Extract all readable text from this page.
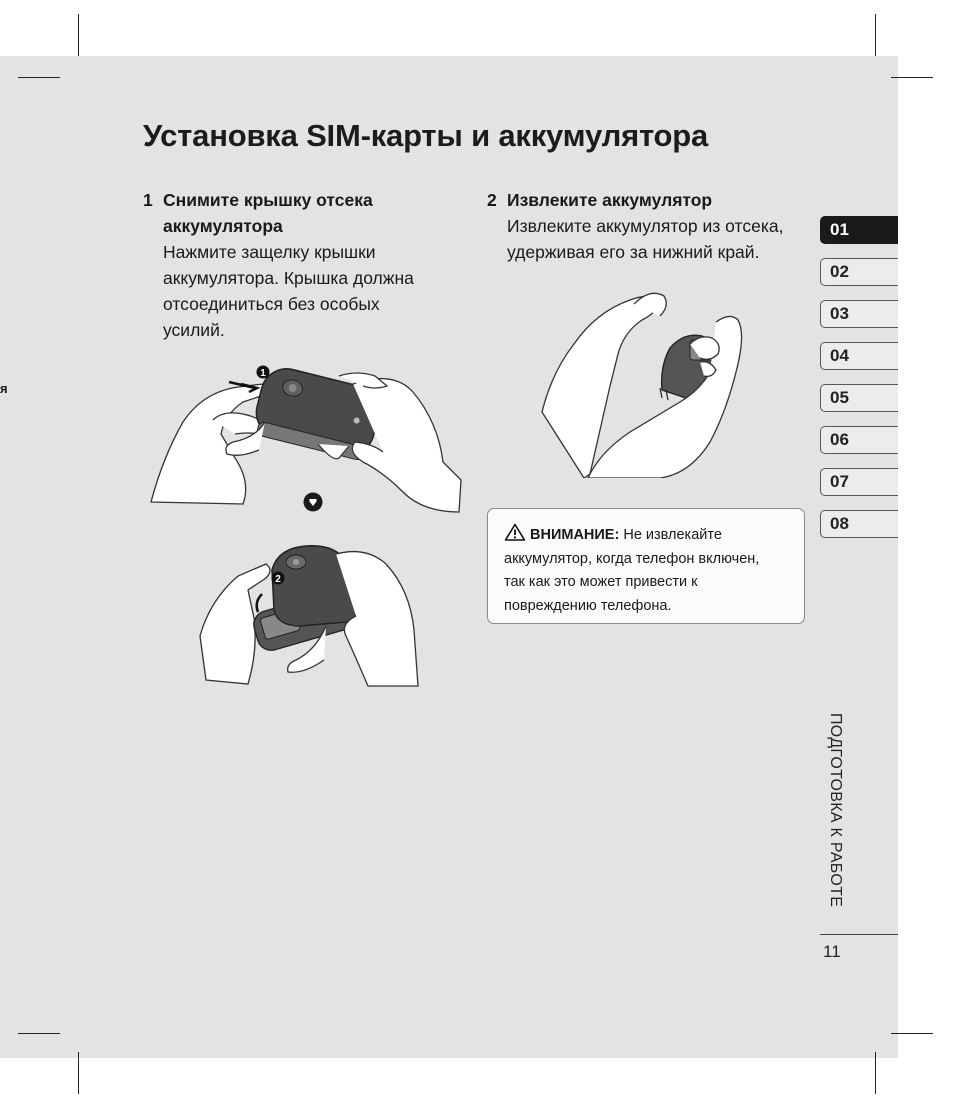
я
Установка SIM-карты и аккумулятора
1 Снимите крышку отсека
аккумулятора

Нажмите защелку крышки
аккумулятора. Крышка должна
отсоединиться без особых
усилий.

2 Извлеките аккумулятор

Извлеките аккумулятор из отсека,
удерживая его за нижний край.

1
2
ВНИМАНИЕ: Не извлекайте
аккумулятор, когда телефон включен,
так как это может привести к
повреждению телефона.
01
02
03
04
05
06
07
08
ПОДГОТОВКА К РАБОТЕ
11
